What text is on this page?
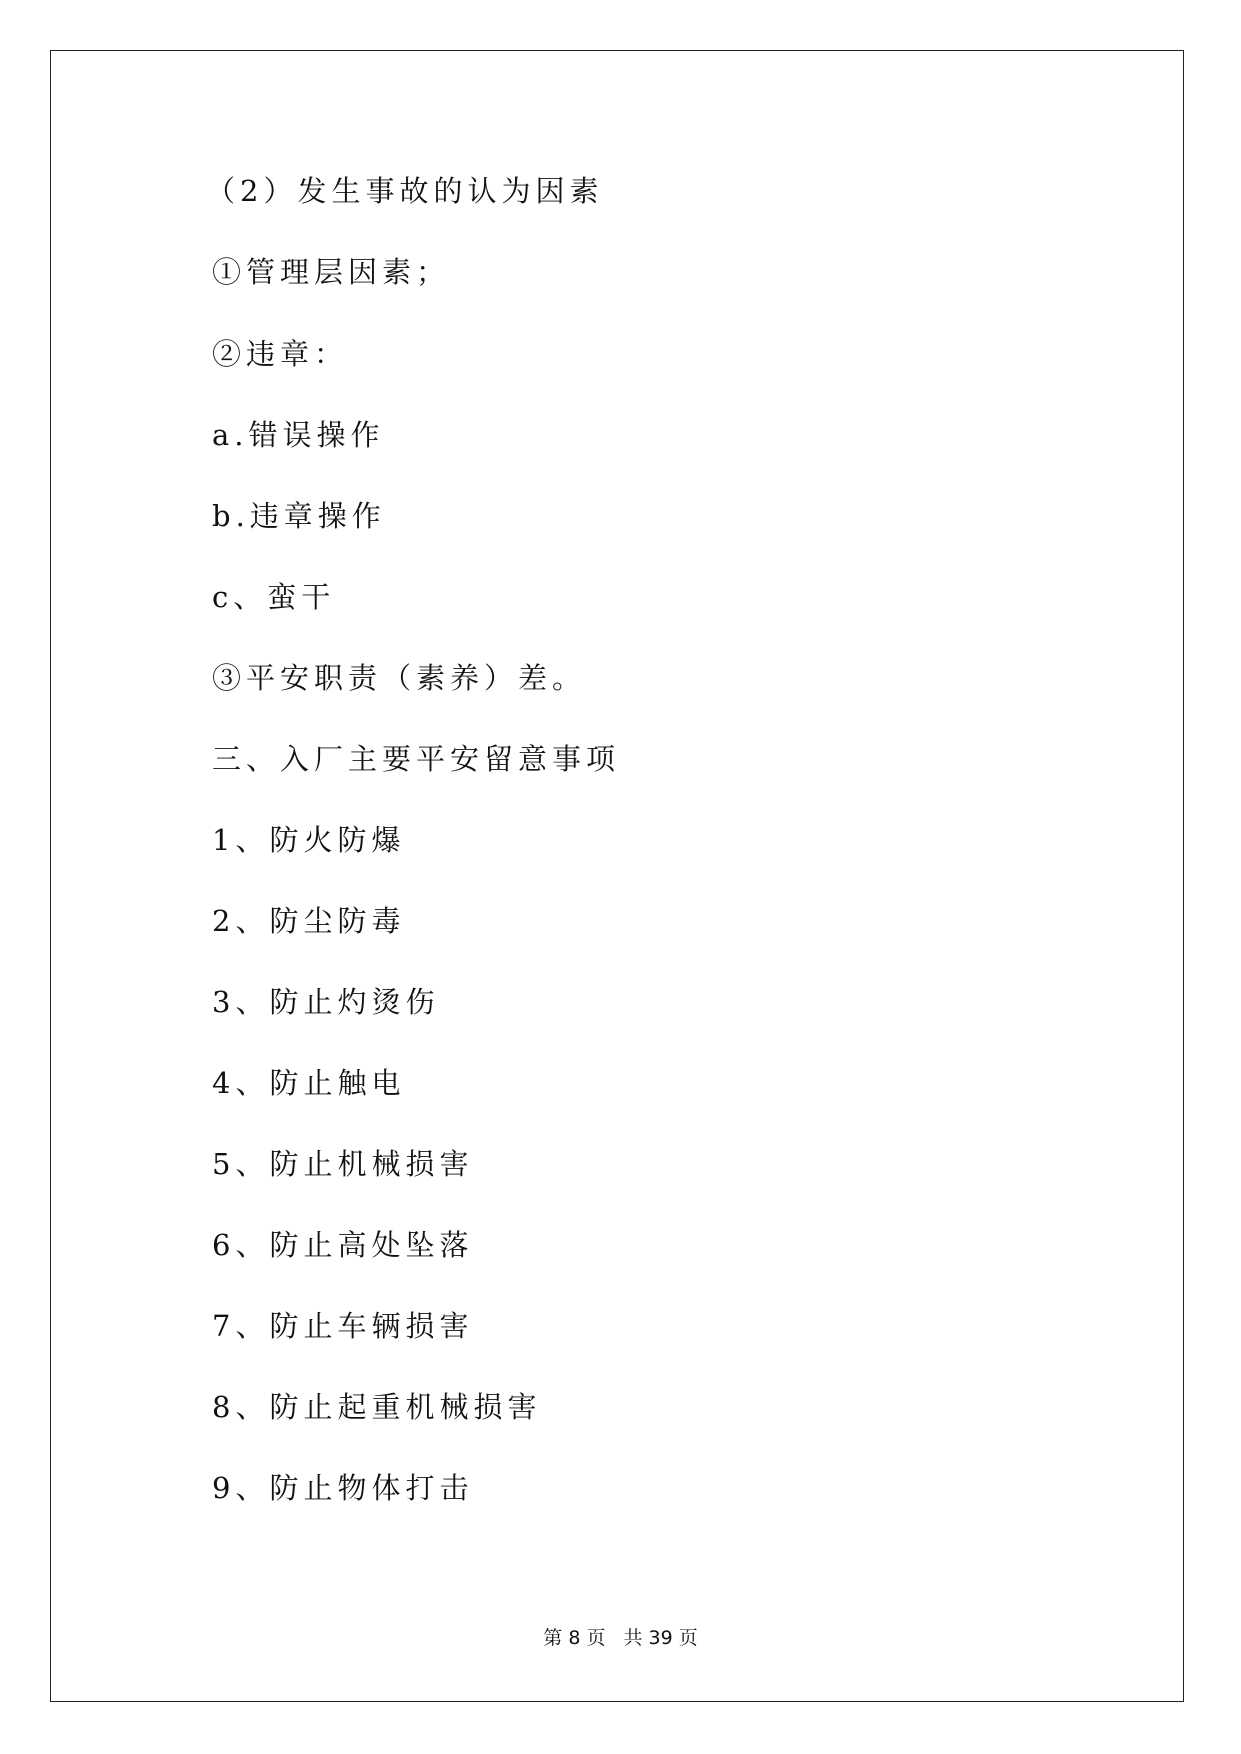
（2）发生事故的认为因素
①管理层因素；
②违章：
a.错误操作
b.违章操作
c、蛮干
③平安职责（素养）差。
三、入厂主要平安留意事项
1、防火防爆
2、防尘防毒
3、防止灼烫伤
4、防止触电
5、防止机械损害
6、防止高处坠落
7、防止车辆损害
8、防止起重机械损害
9、防止物体打击
第 8 页 共 39 页
